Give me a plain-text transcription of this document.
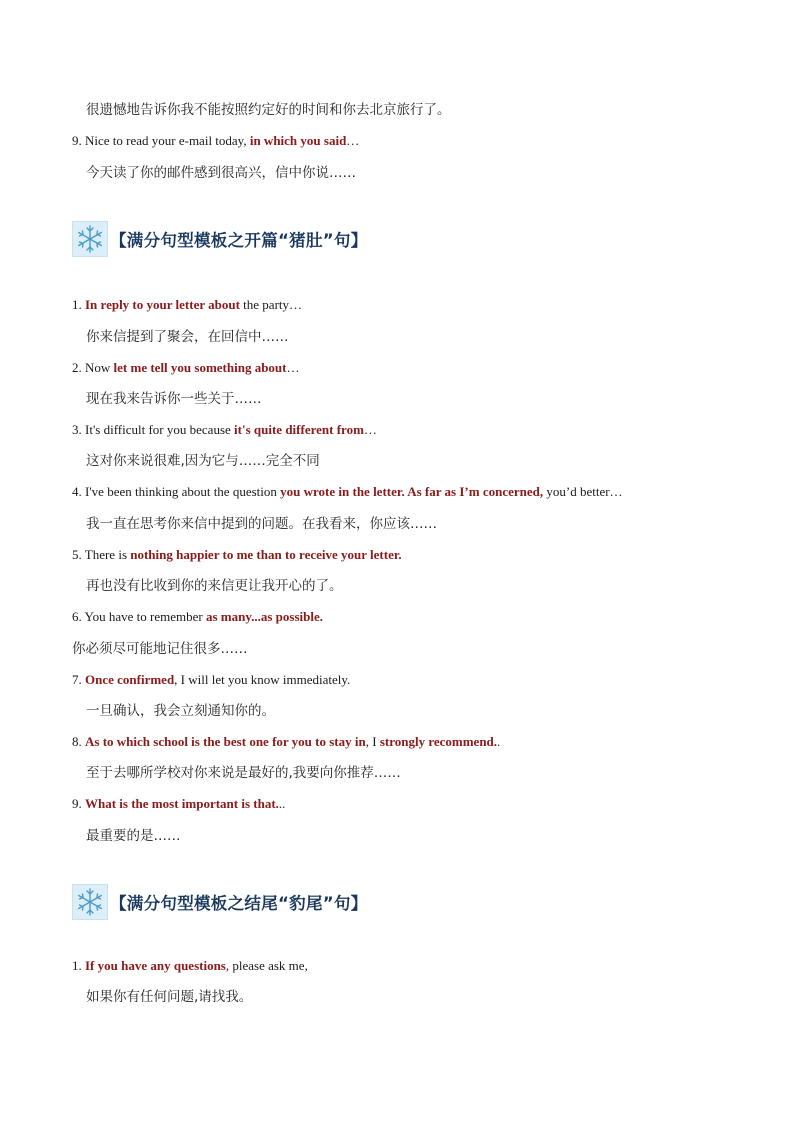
很遗憾地告诉你我不能按照约定好的时间和你去北京旅行了。
9. Nice to read your e-mail today, in which you said…
今天读了你的邮件感到很高兴，信中你说……
【满分句型模板之开篇“猪肚”句】
1. In reply to your letter about the party…
你来信提到了聚会，在回信中……
2. Now let me tell you something about…
现在我来告诉你一些关于……
3. It's difficult for you because it's quite different from…
这对你来说很难,因为它与……完全不同
4. I've been thinking about the question you wrote in the letter. As far as I’m concerned, you’d better…
我一直在思考你来信中提到的问题。在我看来，你应该……
5. There is nothing happier to me than to receive your letter.
再也没有比收到你的来信更让我开心的了。
6. You have to remember as many...as possible.
你必须尽可能地记住很多……
7. Once confirmed, I will let you know immediately.
一旦确认，我会立刻通知你的。
8. As to which school is the best one for you to stay in, I strongly recommend..
至于去哪所学校对你来说是最好的,我要向你推荐……
9. What is the most important is that...
最重要的是……
【满分句型模板之结尾“豹尾”句】
1. If you have any questions, please ask me,
如果你有任何问题,请找我。
